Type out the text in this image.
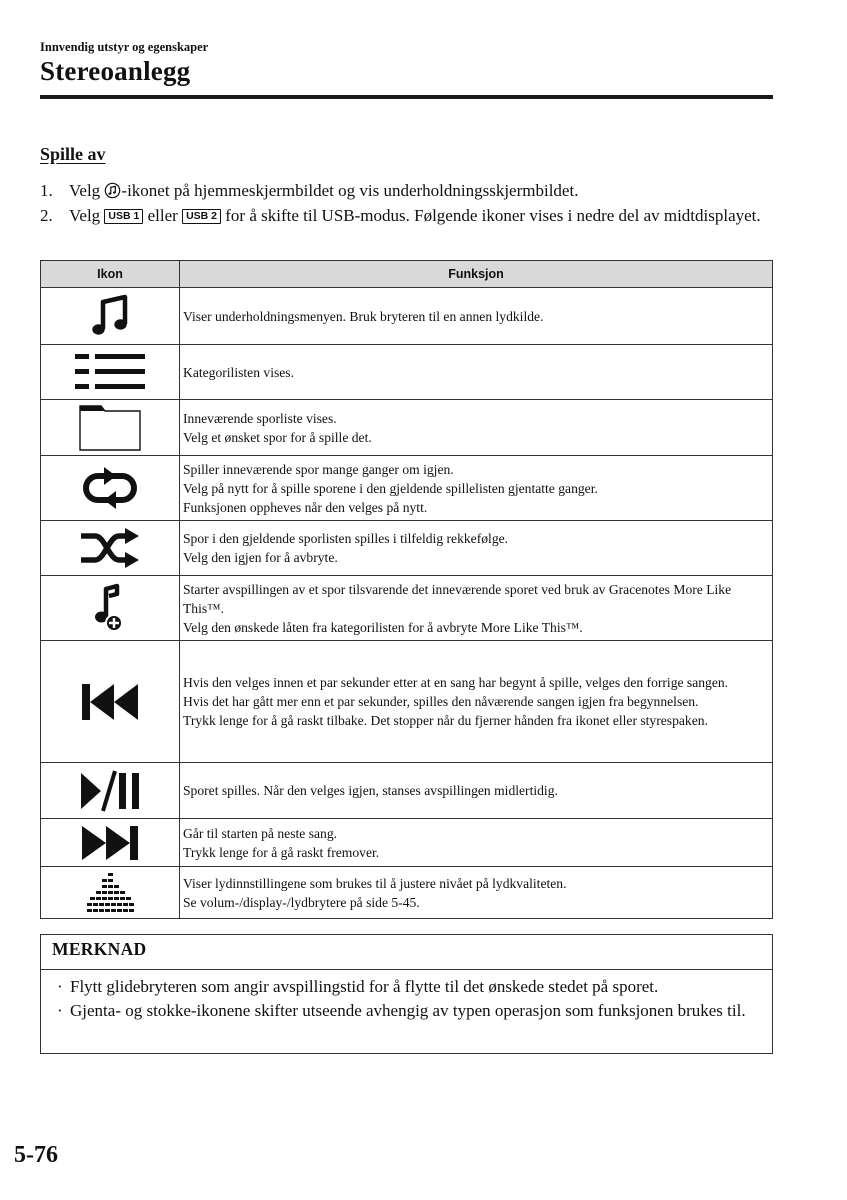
Innvendig utstyr og egenskaper
Stereoanlegg
Spille av
1. Velg -ikonet på hjemmeskjermbildet og vis underholdningsskjermbildet.
2. Velg USB 1 eller USB 2 for å skifte til USB-modus. Følgende ikoner vises i nedre del av midtdisplayet.
Ikon	Funksjon

Viser underholdningsmenyen. Bruk bryteren til en annen lydkilde.

Kategorilisten vises.

Inneværende sporliste vises.
Velg et ønsket spor for å spille det.

Spiller inneværende spor mange ganger om igjen.
Velg på nytt for å spille sporene i den gjeldende spillelisten gjentatte ganger.
Funksjonen oppheves når den velges på nytt.

Spor i den gjeldende sporlisten spilles i tilfeldig rekkefølge.
Velg den igjen for å avbryte.

Starter avspillingen av et spor tilsvarende det inneværende sporet ved bruk av Gracenotes More Like This™.
Velg den ønskede låten fra kategorilisten for å avbryte More Like This™.

Hvis den velges innen et par sekunder etter at en sang har begynt å spille, velges den forrige sangen.
Hvis det har gått mer enn et par sekunder, spilles den nåværende sangen igjen fra begynnelsen.
Trykk lenge for å gå raskt tilbake. Det stopper når du fjerner hånden fra ikonet eller styrespaken.

Sporet spilles. Når den velges igjen, stanses avspillingen midlertidig.

Går til starten på neste sang.
Trykk lenge for å gå raskt fremover.

Viser lydinnstillingene som brukes til å justere nivået på lydkvaliteten.
Se volum-/display-/lydbrytere på side 5-45.
MERKNAD
· Flytt glidebryteren som angir avspillingstid for å flytte til det ønskede stedet på sporet.
· Gjenta- og stokke-ikonene skifter utseende avhengig av typen operasjon som funksjonen brukes til.
5-76
